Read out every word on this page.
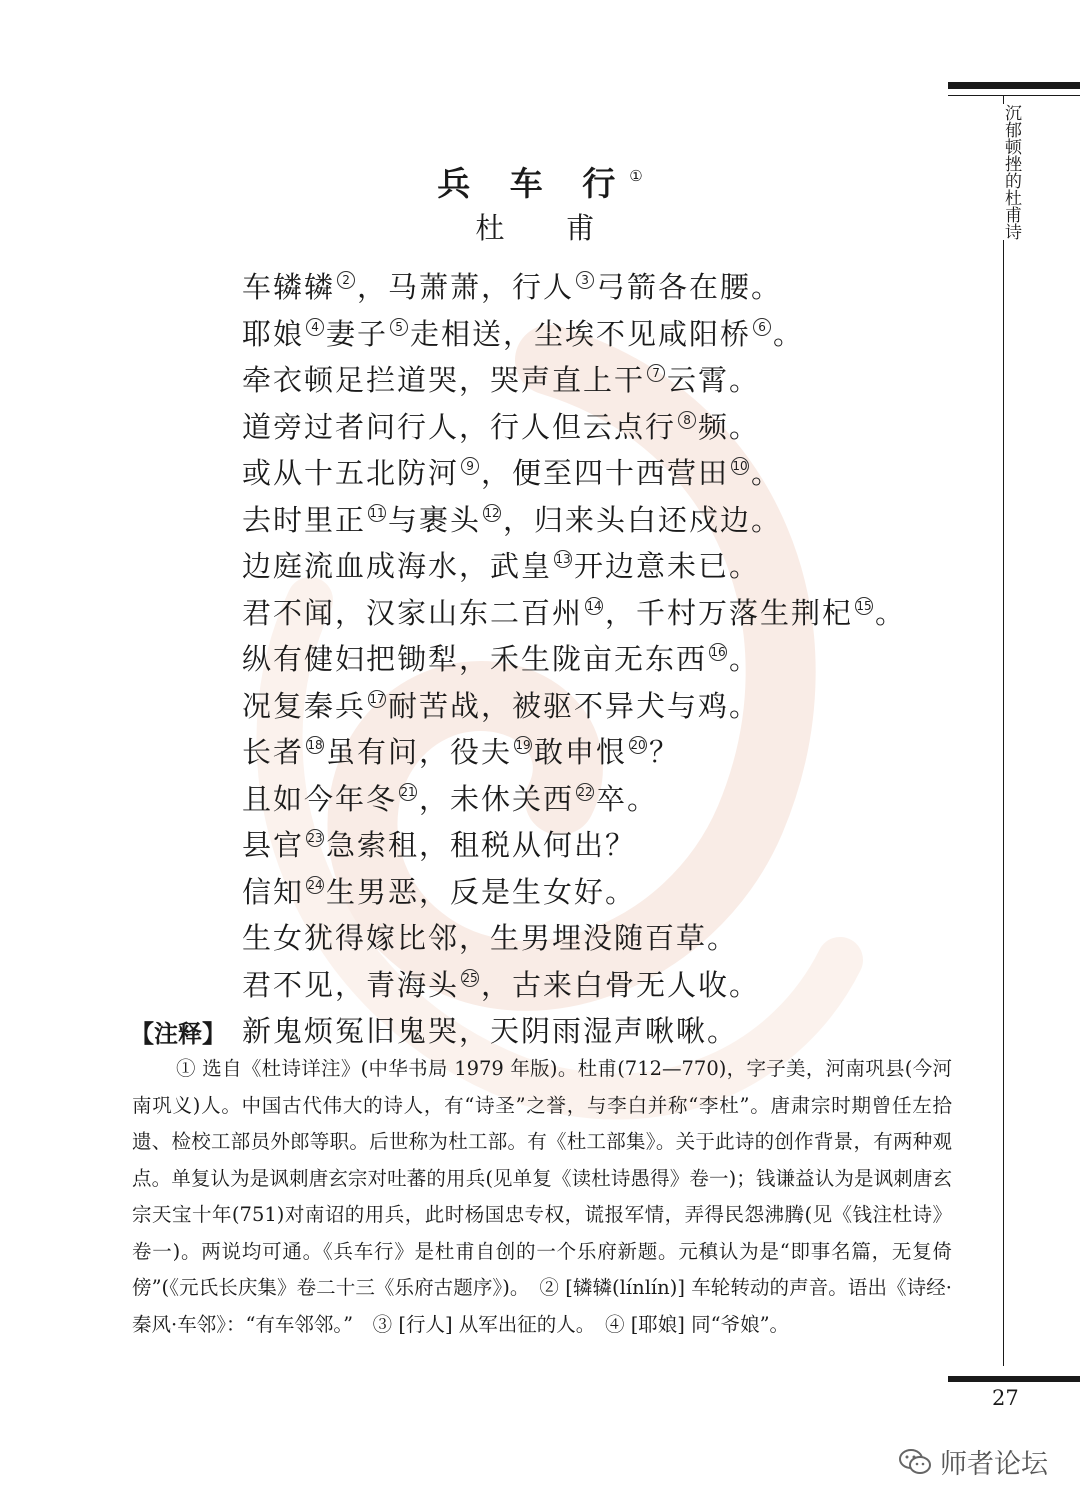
沉郁顿挫的杜甫诗
27
兵 车 行①
杜 甫
车辚辚 2 ，马萧萧，行人 3 弓箭各在腰。
耶娘 4 妻子 5 走相送，尘埃不见咸阳桥 6 。
牵衣顿足拦道哭，哭声直上干 7 云霄。
道旁过者问行人，行人但云点行 8 频。
或从十五北防河 9 ，便至四十西营田 10 。
去时里正 11 与裹头 12 ，归来头白还戍边。
边庭流血成海水，武皇 13 开边意未已。
君不闻，汉家山东二百州 14 ，千村万落生荆杞 15 。
纵有健妇把锄犁，禾生陇亩无东西 16 。
况复秦兵 17 耐苦战，被驱不异犬与鸡。
长者 18 虽有问，役夫 19 敢申恨 20 ？
且如今年冬 21 ，未休关西 22 卒。
县官 23 急索租，租税从何出？
信知 24 生男恶，反是生女好。
生女犹得嫁比邻，生男埋没随百草。
君不见，青海头 25 ，古来白骨无人收。
新鬼烦冤旧鬼哭，天阴雨湿声啾啾。
【注释】

① 选自《杜诗详注》(中华书局 1979 年版)。杜甫(712—770)，字子美，河南巩县(今河南巩义)人。中国古代伟大的诗人，有“诗圣”之誉，与李白并称“李杜”。唐肃宗时期曾任左拾遗、检校工部员外郎等职。后世称为杜工部。有《杜工部集》。关于此诗的创作背景，有两种观点。单复认为是讽刺唐玄宗对吐蕃的用兵(见单复《读杜诗愚得》卷一)；钱谦益认为是讽刺唐玄宗天宝十年(751)对南诏的用兵，此时杨国忠专权，谎报军情，弄得民怨沸腾(见《钱注杜诗》卷一)。两说均可通。《兵车行》是杜甫自创的一个乐府新题。元稹认为是“即事名篇，无复倚傍”(《元氏长庆集》卷二十三《乐府古题序》)。　② [辚辚(línlín)] 车轮转动的声音。语出《诗经·秦风·车邻》：“有车邻邻。”　③ [行人] 从军出征的人。　④ [耶娘] 同“爷娘”。

师者论坛
